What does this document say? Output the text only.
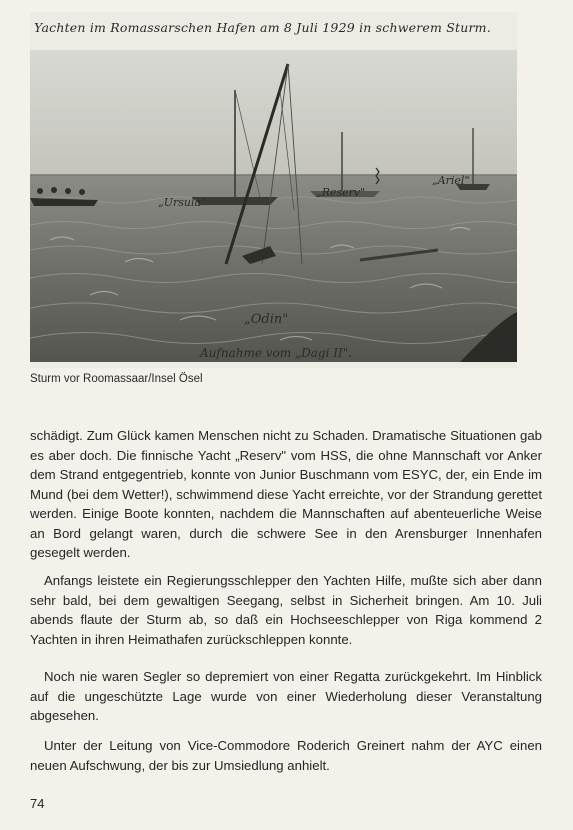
Yachten im Romassarschen Hafen am 8 Juli 1929 in schwerem Sturm.
„Ursula"
„Reserv"
„Ariel"
„Odin"
Aufnahme vom „Dagi II".
Sturm vor Roomassaar/Insel Ösel

schädigt. Zum Glück kamen Menschen nicht zu Schaden. Dramatische Situationen gab es aber doch. Die finnische Yacht „Reserv" vom HSS, die ohne Mannschaft vor Anker dem Strand entgegentrieb, konnte von Junior Buschmann vom ESYC, der, ein Ende im Mund (bei dem Wetter!), schwimmend diese Yacht erreichte, vor der Strandung gerettet werden. Einige Boote konnten, nachdem die Mannschaften auf abenteuerliche Weise an Bord gelangt waren, durch die schwere See in den Arensburger Innenhafen gesegelt werden.

Anfangs leistete ein Regierungsschlepper den Yachten Hilfe, mußte sich aber dann sehr bald, bei dem gewaltigen Seegang, selbst in Sicherheit bringen. Am 10. Juli abends flaute der Sturm ab, so daß ein Hochseeschlepper von Riga kommend 2 Yachten in ihren Heimathafen zurückschleppen konnte.

Noch nie waren Segler so depremiert von einer Regatta zurückgekehrt. Im Hinblick auf die ungeschützte Lage wurde von einer Wiederholung dieser Veranstaltung abgesehen.

Unter der Leitung von Vice-Commodore Roderich Greinert nahm der AYC einen neuen Aufschwung, der bis zur Umsiedlung anhielt.

74
